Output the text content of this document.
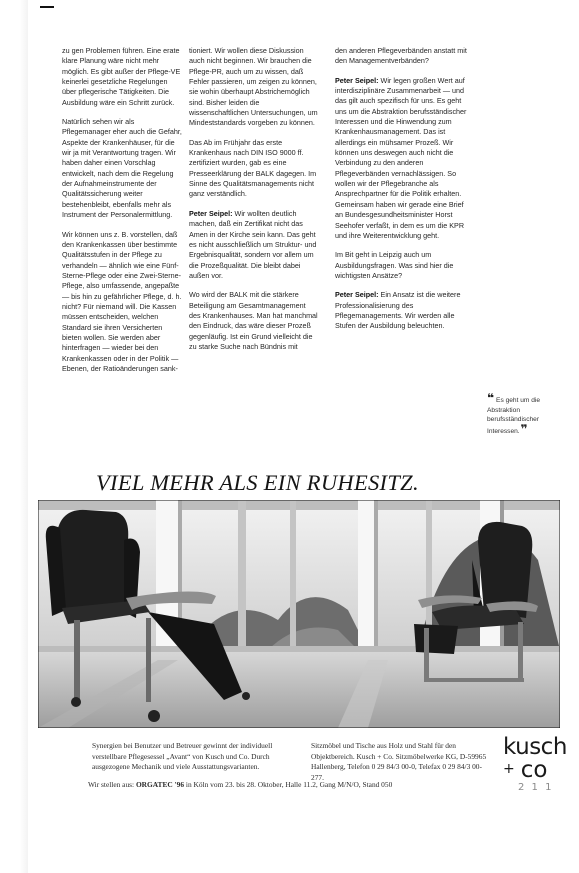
zu gen Problemen führen. Eine erate klare Planung wäre nicht mehr möglich. Es gibt außer der Pflege-VE keinerlei gesetzliche Regelungen über pflegerische Tätigkeiten. Die Ausbildung wäre ein Schritt zurück.

Natürlich sehen wir als Pflegemanager eher auch die Gefahr, Aspekte der Krankenhäuser, für die wir ja mit Verantwortung tragen. Wir haben daher einen Vorschlag entwickelt, nach dem die Regelung der Aufnahmeinstrumente der Qualitätssicherung weiter bestehenbleibt, ebenfalls mehr als Instrument der Personalermittlung.

Wir können uns z. B. vorstellen, daß den Krankenkassen über bestimmte Qualitätsstufen in der Pflege zu verhandeln — ähnlich wie eine Fünf-Sterne-Pflege oder eine Zwei-Sterne-Pflege, also umfassende, angepaßte — bis hin zu gefährlicher Pflege, d. h. nicht? Für niemand will. Die Kassen müssen entscheiden, welchen Standard sie ihren Versicherten bieten wollen. Sie werden aber hinterfragen — wieder bei den Krankenkassen oder in der Politik — Ebenen, der Ratioänderungen sank-

tioniert. Wir wollen diese Diskussion auch nicht beginnen. Wir brauchen die Pflege-PR, auch um zu wissen, daß Fehler passieren, um zeigen zu können, sie wohin überhaupt Abstrichemöglich sind. Bisher leiden die wissenschaftlichen Untersuchungen, um Mindeststandards vorgeben zu können.

Das Ab im Frühjahr das erste Krankenhaus nach DIN ISO 9000 ff. zertifiziert wurden, gab es eine Presseerklärung der BALK dagegen. Im Sinne des Qualitätsmanagements nicht ganz verständlich.

Peter Seipel: Wir wollten deutlich machen, daß ein Zertifikat nicht das Amen in der Kirche sein kann. Das geht es nicht ausschließlich um Struktur- und Ergebnisqualität, sondern vor allem um die Prozeßqualität. Die bleibt dabei außen vor.

Wo wird der BALK mit die stärkere Beteiligung am Gesamtmanagement des Krankenhauses. Man hat manchmal den Eindruck, das wäre dieser Prozeß gegenläufig. Ist ein Grund vielleicht die zu starke Suche nach Bündnis mit

den anderen Pflegeverbänden anstatt mit den Managementverbänden?

Peter Seipel: Wir legen großen Wert auf interdisziplinäre Zusammenarbeit — und das gilt auch spezifisch für uns. Es geht uns um die Abstraktion berufsständischer Interessen und die Hinwendung zum Krankenhausmanagement. Das ist allerdings ein mühsamer Prozeß. Wir können uns deswegen auch nicht die Verbindung zu den anderen Pflegeverbänden vernachlässigen. So wollen wir der Pflegebranche als Ansprechpartner für die Politik erhalten. Gemeinsam haben wir gerade eine Brief an Bundesgesundheitsminister Horst Seehofer verfaßt, in dem es um die KPR und ihre Weiterentwicklung geht.

Im Bit geht in Leipzig auch um Ausbildungsfragen. Was sind hier die wichtigsten Ansätze?

Peter Seipel: Ein Ansatz ist die weitere Professionalisierung des Pflegemanagements. Wir werden alle Stufen der Ausbildung beleuchten.

❝ Es geht um die Abstraktion berufsständischer Interessen.❞
VIEL MEHR ALS EIN RUHESITZ.
Synergien bei Benutzer und Betreuer gewinnt der individuell verstellbare Pflegesessel „Avant“ von Kusch und Co. Durch ausgezogene Mechanik und viele Ausstattungsvarianten.
Sitzmöbel und Tische aus Holz und Stahl für den Objektbereich. Kusch + Co. Sitzmöbelwerke KG, D-59965 Hallenberg, Telefon 0 29 84/3 00-0, Telefax 0 29 84/3 00-277.
Wir stellen aus: ORGATEC '96 in Köln vom 23. bis 28. Oktober, Halle 11.2, Gang M/N/O, Stand 050
kusch
+ co
2 1 1
